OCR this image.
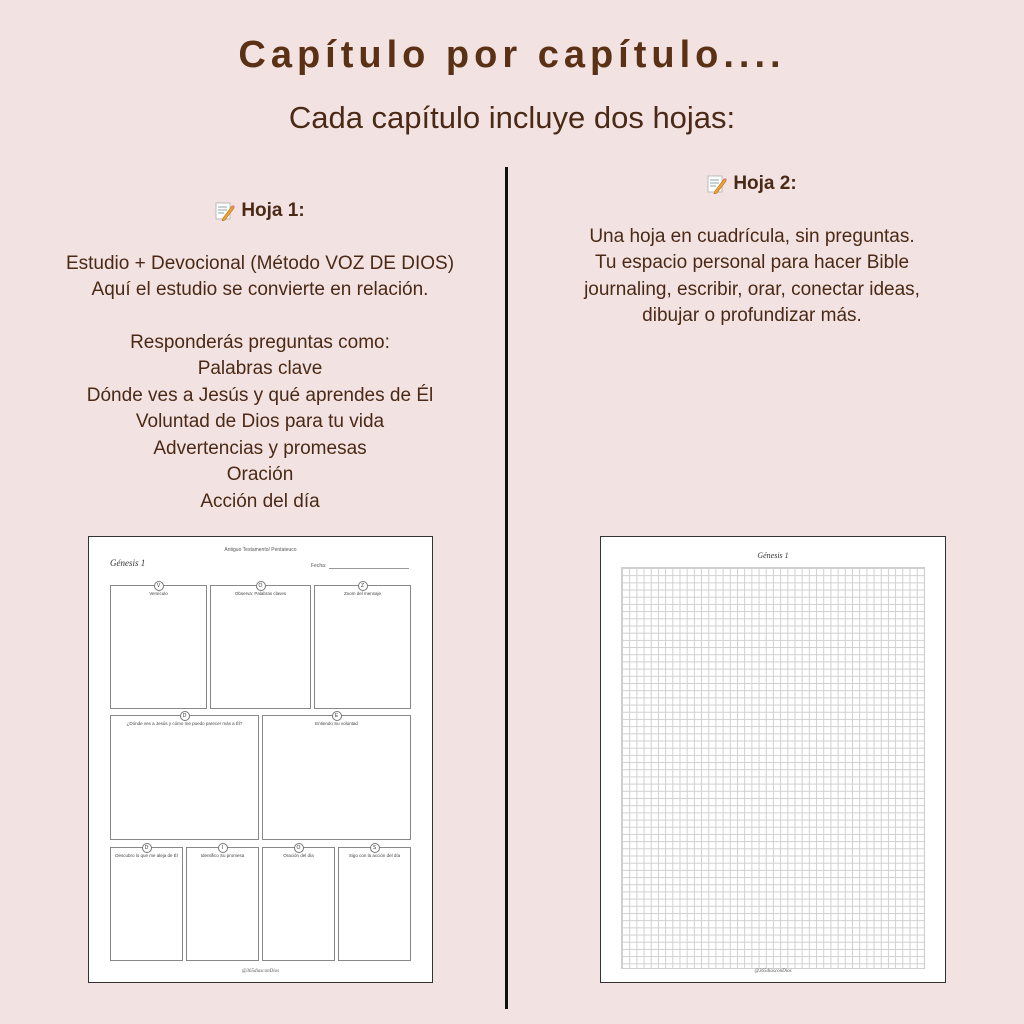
Capítulo por capítulo....
Cada capítulo incluye dos hojas:
Hoja 1:
Estudio + Devocional (Método VOZ DE DIOS)
Aquí el estudio se convierte en relación.
Responderás preguntas como:
Palabras clave
Dónde ves a Jesús y qué aprendes de Él
Voluntad de Dios para tu vida
Advertencias y promesas
Oración
Acción del día
Hoja 2:
Una hoja en cuadrícula, sin preguntas.
Tu espacio personal para hacer Bible
journaling, escribir, orar, conectar ideas,
dibujar o profundizar más.
Antiguo Testamento/ Pentateuco
Génesis 1	Fecha:
V
Versículo
O
Observa: Palabras claves
Z
Zoom del mensaje
D
¿Dónde ves a Jesús y cómo me puedo parecer más a Él?
E
Entiendo Su voluntad
D
Descubro lo que me aleja de Él
I
Identifico Su promesa
O
Oración del día
S
Sigo con la acción del día
@365diasconDios
Génesis 1
@365diasconDios
